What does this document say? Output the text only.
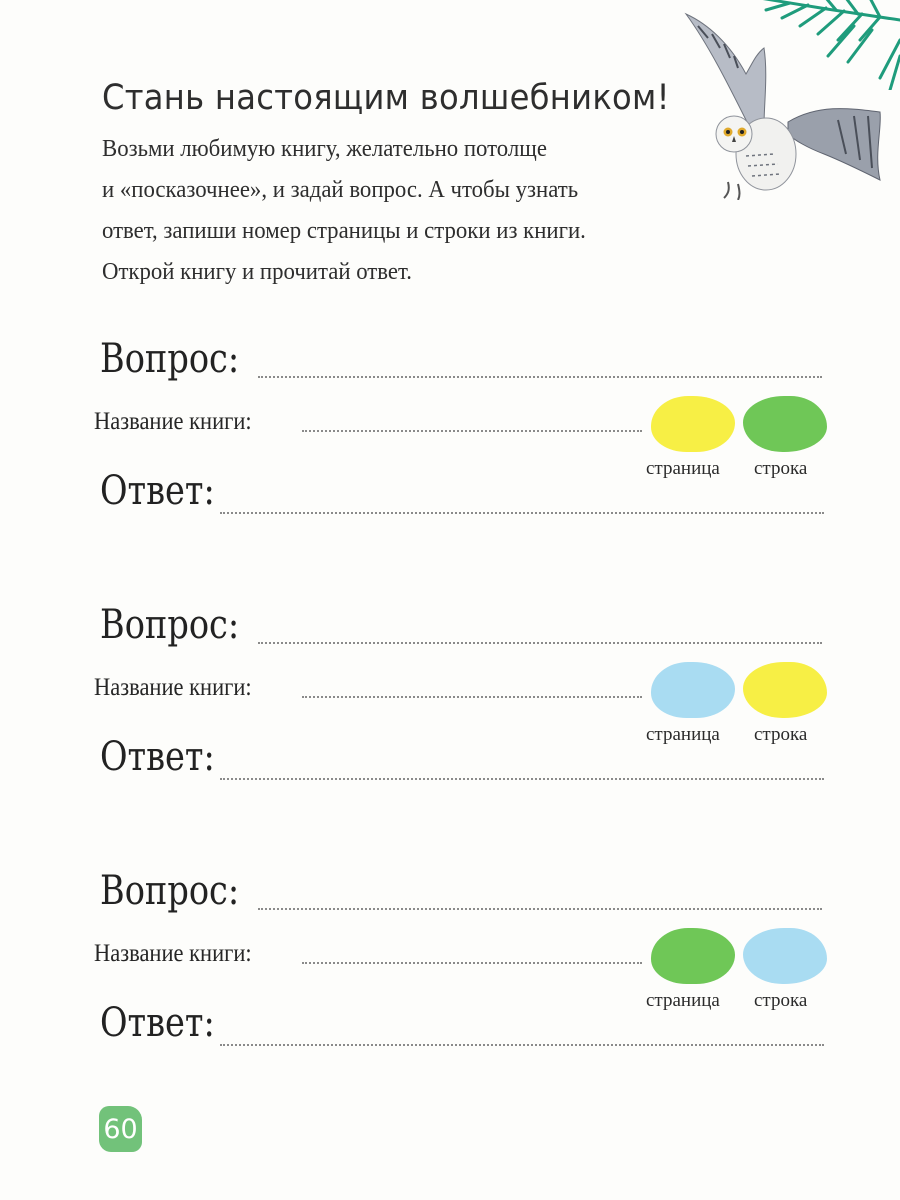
Стань настоящим волшебником!
Возьми любимую книгу, желательно потолще
и «посказочнее», и задай вопрос. А чтобы узнать
ответ, запиши номер страницы и строки из книги.
Открой книгу и прочитай ответ.
Вопрос:
Название книги:
страница строка
Ответ:
Вопрос:
Название книги:
страница строка
Ответ:
Вопрос:
Название книги:
страница строка
Ответ:
60
